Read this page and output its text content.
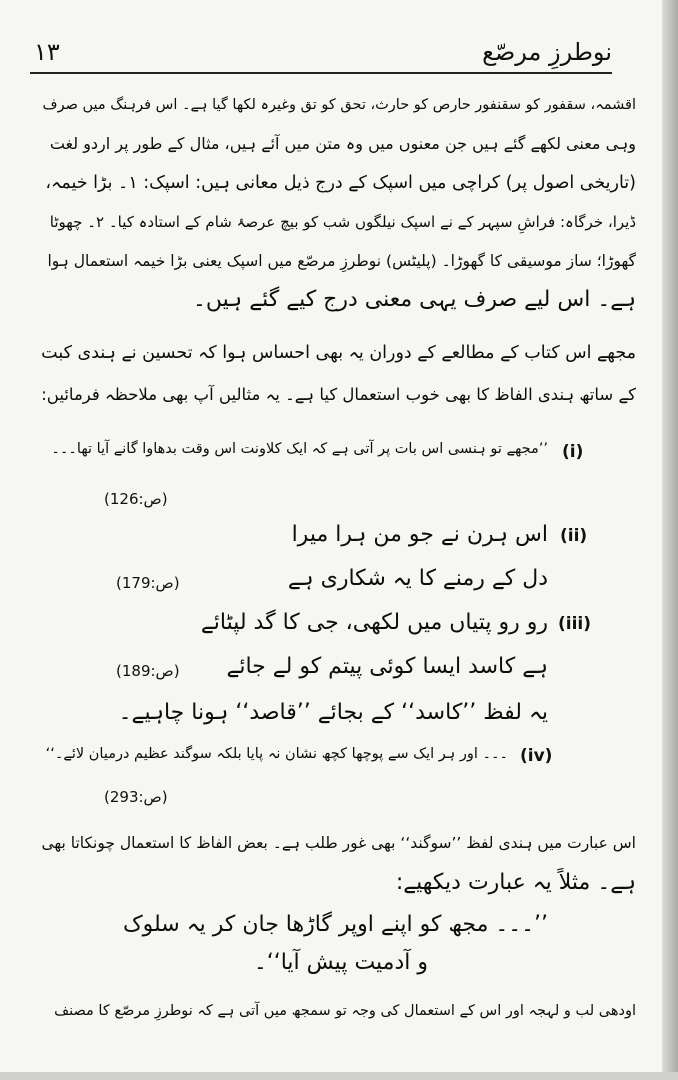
١٣	نوطرزِ مرصّع
اقشمہ، سقفور کو سقنفور حارص کو حارث، تحق کو تق وغیرہ لکھا گیا ہے۔ اس فرہنگ میں صرف
وہی معنی لکھے گئے ہیں جن معنوں میں وہ متن میں آئے ہیں، مثال کے طور پر اردو لغت
(تاریخی اصول پر) کراچی میں اسپک کے درج ذیل معانی ہیں: اسپک: ۱۔ بڑا خیمہ،
ڈیرا، خرگاہ: فراشِ سپہر کے نے اسپک نیلگوں شب کو بیچ عرصۂ شام کے استادہ کیا۔ ۲۔ چھوٹا
گھوڑا؛ ساز موسیقی کا گھوڑا۔ (پلیٹس) نوطرزِ مرصّع میں اسپک یعنی بڑا خیمہ استعمال ہوا
ہے۔ اس لیے صرف یہی معنی درج کیے گئے ہیں۔
مجھے اس کتاب کے مطالعے کے دوران یہ بھی احساس ہوا کہ تحسین نے ہندی کبت
کے ساتھ ہندی الفاظ کا بھی خوب استعمال کیا ہے۔ یہ مثالیں آپ بھی ملاحظہ فرمائیں:
(i)
’’مجھے تو ہنسی اس بات پر آتی ہے کہ ایک کلاونت اس وقت بدھاوا گانے آیا تھا۔۔۔
(ص:126)
(ii)
اس ہرن نے جو من ہرا میرا
دل کے رمنے کا یہ شکاری ہے
(ص:179)
(iii)
رو رو پتیاں میں لکھی، جی کا گد لپٹائے
ہے کاسد ایسا کوئی پیتم کو لے جائے
(ص:189)
یہ لفظ ’’کاسد‘‘ کے بجائے ’’قاصد‘‘ ہونا چاہیے۔
(iv)
۔۔۔ اور ہر ایک سے پوچھا کچھ نشان نہ پایا بلکہ سوگند عظیم درمیان لائے۔‘‘
(ص:293)
اس عبارت میں ہندی لفظ ’’سوگند‘‘ بھی غور طلب ہے۔ بعض الفاظ کا استعمال چونکاتا بھی
ہے۔ مثلاً یہ عبارت دیکھیے:
’’۔۔۔ مجھ کو اپنے اوپر گاڑھا جان کر یہ سلوک
و آدمیت پیش آیا‘‘۔
اودھی لب و لہجہ اور اس کے استعمال کی وجہ تو سمجھ میں آتی ہے کہ نوطرزِ مرصّع کا مصنف
